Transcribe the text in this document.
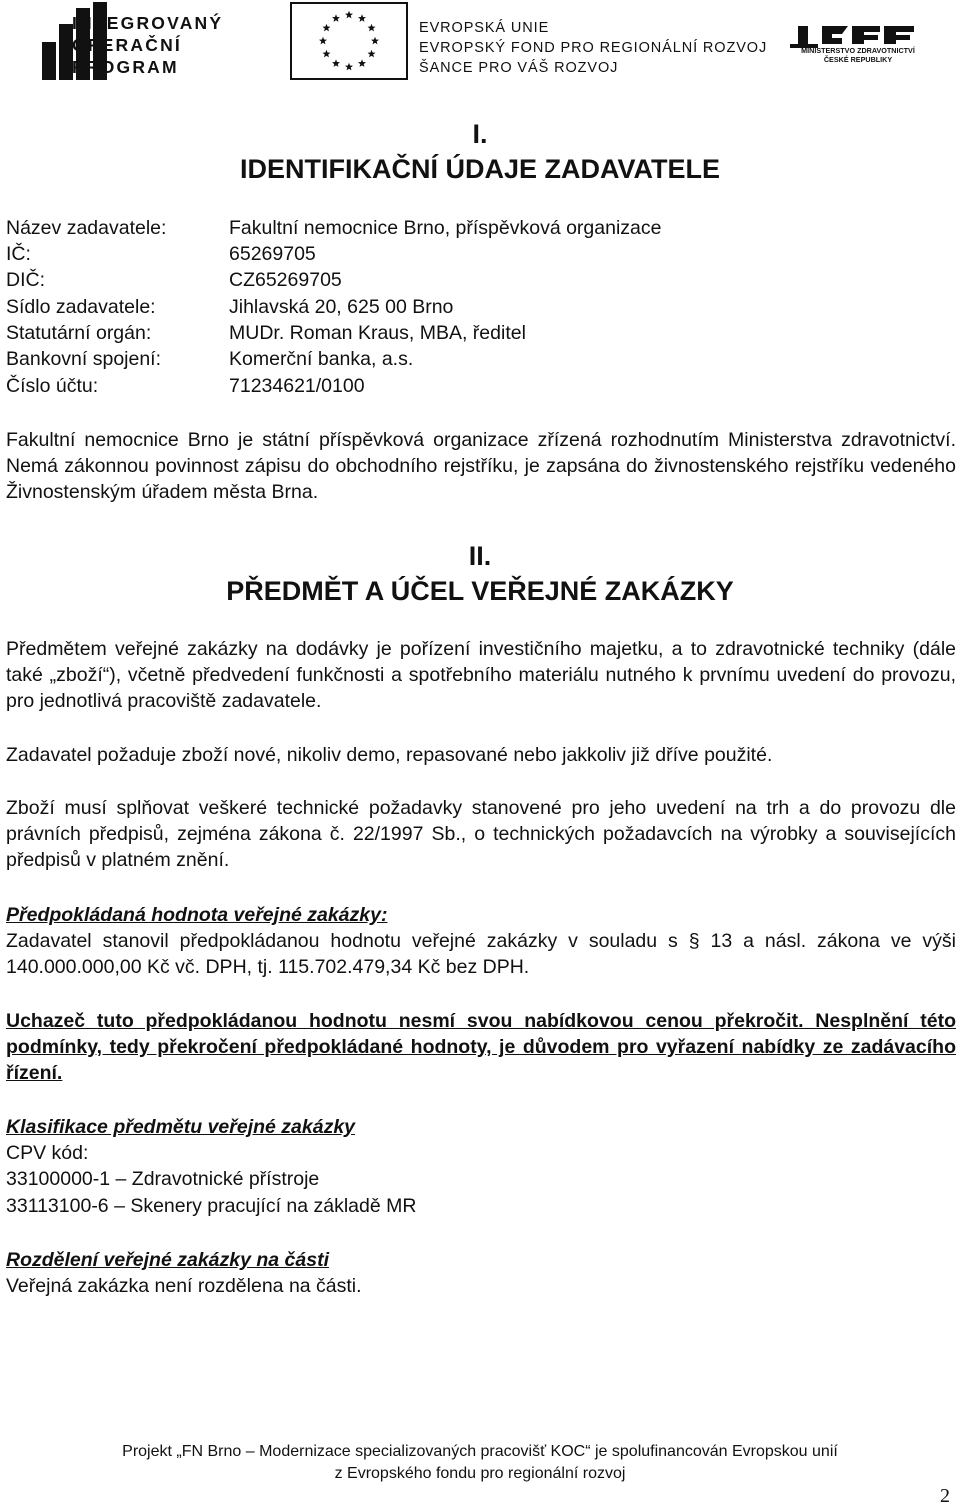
INTEGROVANÝ
OPERAČNÍ
PROGRAM
EVROPSKÁ UNIE
EVROPSKÝ FOND PRO REGIONÁLNÍ ROZVOJ
ŠANCE PRO VÁŠ ROZVOJ
MINISTERSTVO ZDRAVOTNICTVÍ
ČESKÉ REPUBLIKY
I.
IDENTIFIKAČNÍ ÚDAJE ZADAVATELE
Název zadavatele:	Fakultní nemocnice Brno, příspěvková organizace
IČ:	65269705
DIČ:	CZ65269705
Sídlo zadavatele:	Jihlavská 20, 625 00 Brno
Statutární orgán:	MUDr. Roman Kraus, MBA, ředitel
Bankovní spojení:	Komerční banka, a.s.
Číslo účtu:	71234621/0100

Fakultní nemocnice Brno je státní příspěvková organizace zřízená rozhodnutím Ministerstva zdravotnictví. Nemá zákonnou povinnost zápisu do obchodního rejstříku, je zapsána do živnostenského rejstříku vedeného Živnostenským úřadem města Brna.

II.
PŘEDMĚT A ÚČEL VEŘEJNÉ ZAKÁZKY

Předmětem veřejné zakázky na dodávky je pořízení investičního majetku, a to zdravotnické techniky (dále také „zboží“), včetně předvedení funkčnosti a spotřebního materiálu nutného k prvnímu uvedení do provozu, pro jednotlivá pracoviště zadavatele.

Zadavatel požaduje zboží nové, nikoliv demo, repasované nebo jakkoliv již dříve použité.

Zboží musí splňovat veškeré technické požadavky stanovené pro jeho uvedení na trh a do provozu dle právních předpisů, zejména zákona č. 22/1997 Sb., o technických požadavcích na výrobky a souvisejících předpisů v platném znění.

Předpokládaná hodnota veřejné zakázky:

Zadavatel stanovil předpokládanou hodnotu veřejné zakázky v souladu s § 13 a násl. zákona ve výši 140.000.000,00 Kč vč. DPH, tj. 115.702.479,34 Kč bez DPH.

Uchazeč tuto předpokládanou hodnotu nesmí svou nabídkovou cenou překročit. Nesplnění této podmínky, tedy překročení předpokládané hodnoty, je důvodem pro vyřazení nabídky ze zadávacího řízení.

Klasifikace předmětu veřejné zakázky

CPV kód:

33100000-1 – Zdravotnické přístroje

33113100-6 – Skenery pracující na základě MR

Rozdělení veřejné zakázky na části

Veřejná zakázka není rozdělena na části.

Projekt „FN Brno – Modernizace specializovaných pracovišť KOC“ je spolufinancován Evropskou unií
z Evropského fondu pro regionální rozvoj
2
